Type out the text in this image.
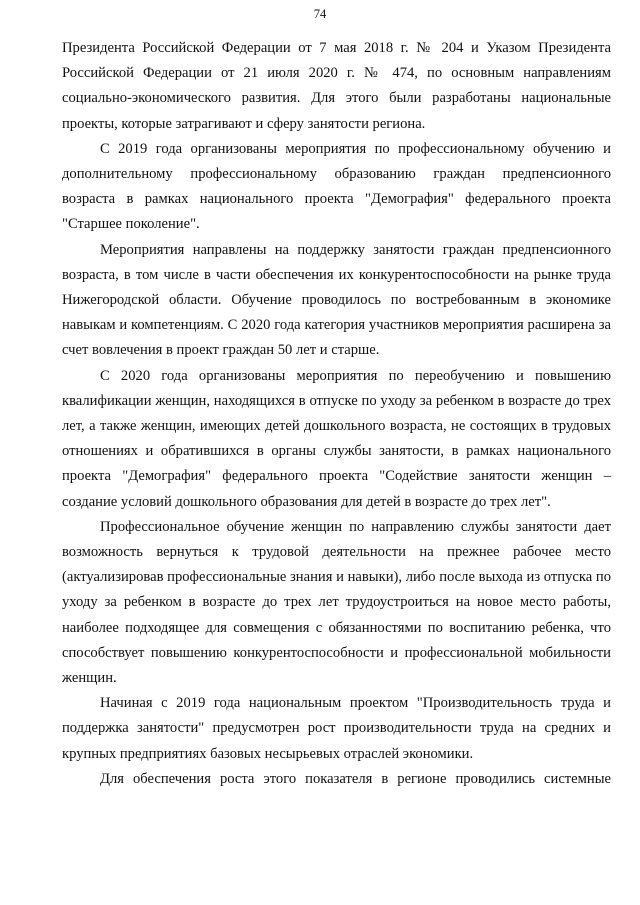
74

Президента Российской Федерации от 7 мая 2018 г. № 204 и Указом Президента Российской Федерации от 21 июля 2020 г. № 474, по основным направлениям социально-экономического развития. Для этого были разработаны национальные проекты, которые затрагивают и сферу занятости региона.

С 2019 года организованы мероприятия по профессиональному обучению и дополнительному профессиональному образованию граждан предпенсионного возраста в рамках национального проекта "Демография" федерального проекта "Старшее поколение".

Мероприятия направлены на поддержку занятости граждан предпенсионного возраста, в том числе в части обеспечения их конкурентоспособности на рынке труда Нижегородской области. Обучение проводилось по востребованным в экономике навыкам и компетенциям. С 2020 года категория участников мероприятия расширена за счет вовлечения в проект граждан 50 лет и старше.

С 2020 года организованы мероприятия по переобучению и повышению квалификации женщин, находящихся в отпуске по уходу за ребенком в возрасте до трех лет, а также женщин, имеющих детей дошкольного возраста, не состоящих в трудовых отношениях и обратившихся в органы службы занятости, в рамках национального проекта "Демография" федерального проекта "Содействие занятости женщин – создание условий дошкольного образования для детей в возрасте до трех лет".

Профессиональное обучение женщин по направлению службы занятости дает возможность вернуться к трудовой деятельности на прежнее рабочее место (актуализировав профессиональные знания и навыки), либо после выхода из отпуска по уходу за ребенком в возрасте до трех лет трудоустроиться на новое место работы, наиболее подходящее для совмещения с обязанностями по воспитанию ребенка, что способствует повышению конкурентоспособности и профессиональной мобильности женщин.

Начиная с 2019 года национальным проектом "Производительность труда и поддержка занятости" предусмотрен рост производительности труда на средних и крупных предприятиях базовых несырьевых отраслей экономики.

Для обеспечения роста этого показателя в регионе проводились системные
